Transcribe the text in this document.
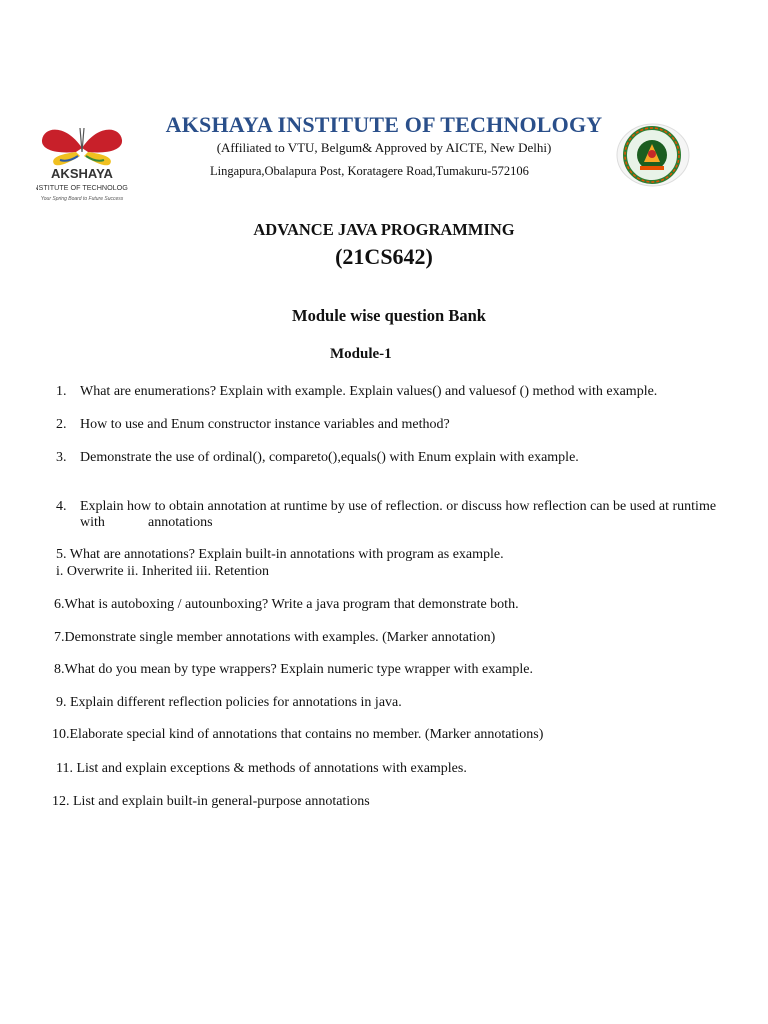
AKSHAYA
INSTITUTE OF TECHNOLOGY
Your Spring Board to Future Success
AKSHAYA INSTITUTE OF TECHNOLOGY
(Affiliated to VTU, Belgum& Approved by AICTE, New Delhi)
Lingapura,Obalapura Post, Koratagere Road,Tumakuru-572106
ADVANCE JAVA PROGRAMMING
(21CS642)
Module wise question Bank
Module-1
1. What are enumerations? Explain with example. Explain values() and valuesof () method with example.
2. How to use and Enum constructor instance variables and method?
3. Demonstrate the use of ordinal(), compareto(),equals() with Enum explain with example.
4. Explain how to obtain annotation at runtime by use of reflection. or discuss how reflection can be used at runtime
with	annotations
5. What are annotations? Explain built-in annotations with program as example.
i. Overwrite ii. Inherited iii. Retention
6.What is autoboxing / autounboxing? Write a java program that demonstrate both.
7.Demonstrate single member annotations with examples. (Marker annotation)
8.What do you mean by type wrappers? Explain numeric type wrapper with example.
9. Explain different reflection policies for annotations in java.
10.Elaborate special kind of annotations that contains no member. (Marker annotations)
11. List and explain exceptions & methods of annotations with examples.
12. List and explain built-in general-purpose annotations
